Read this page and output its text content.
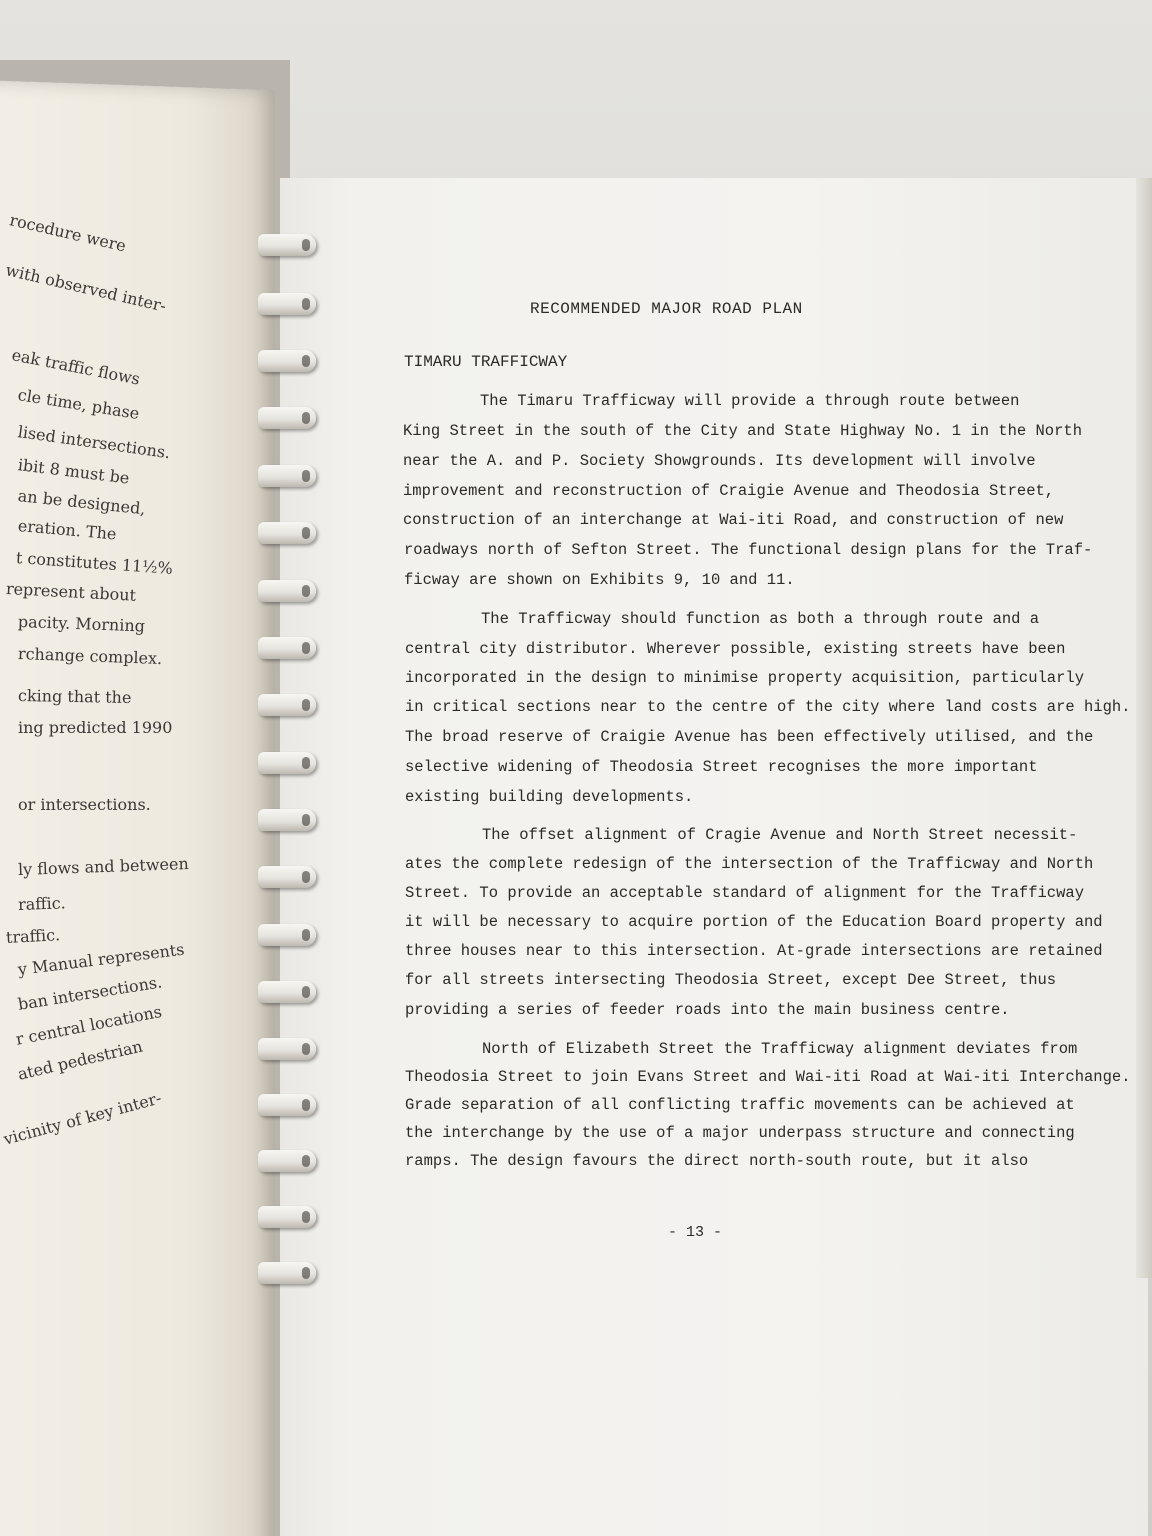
rocedure were
with observed inter-
eak traffic flows
cle time, phase
lised intersections.
ibit 8 must be
an be designed,
eration. The
t constitutes 11½%
represent about
pacity. Morning
rchange complex.
cking that the
ing predicted 1990
or intersections.
ly flows and between
raffic.
traffic.
y Manual represents
ban intersections.
r central locations
ated pedestrian
vicinity of key inter-
RECOMMENDED MAJOR ROAD PLAN
TIMARU TRAFFICWAY
The Timaru Trafficway will provide a through route between
King Street in the south of the City and State Highway No. 1 in the North
near the A. and P. Society Showgrounds. Its development will involve
improvement and reconstruction of Craigie Avenue and Theodosia Street,
construction of an interchange at Wai-iti Road, and construction of new
roadways north of Sefton Street. The functional design plans for the Traf-
ficway are shown on Exhibits 9, 10 and 11.
The Trafficway should function as both a through route and a
central city distributor. Wherever possible, existing streets have been
incorporated in the design to minimise property acquisition, particularly
in critical sections near to the centre of the city where land costs are high.
The broad reserve of Craigie Avenue has been effectively utilised, and the
selective widening of Theodosia Street recognises the more important
existing building developments.
The offset alignment of Cragie Avenue and North Street necessit-
ates the complete redesign of the intersection of the Trafficway and North
Street. To provide an acceptable standard of alignment for the Trafficway
it will be necessary to acquire portion of the Education Board property and
three houses near to this intersection. At-grade intersections are retained
for all streets intersecting Theodosia Street, except Dee Street, thus
providing a series of feeder roads into the main business centre.
North of Elizabeth Street the Trafficway alignment deviates from
Theodosia Street to join Evans Street and Wai-iti Road at Wai-iti Interchange.
Grade separation of all conflicting traffic movements can be achieved at
the interchange by the use of a major underpass structure and connecting
ramps. The design favours the direct north-south route, but it also
- 13 -
